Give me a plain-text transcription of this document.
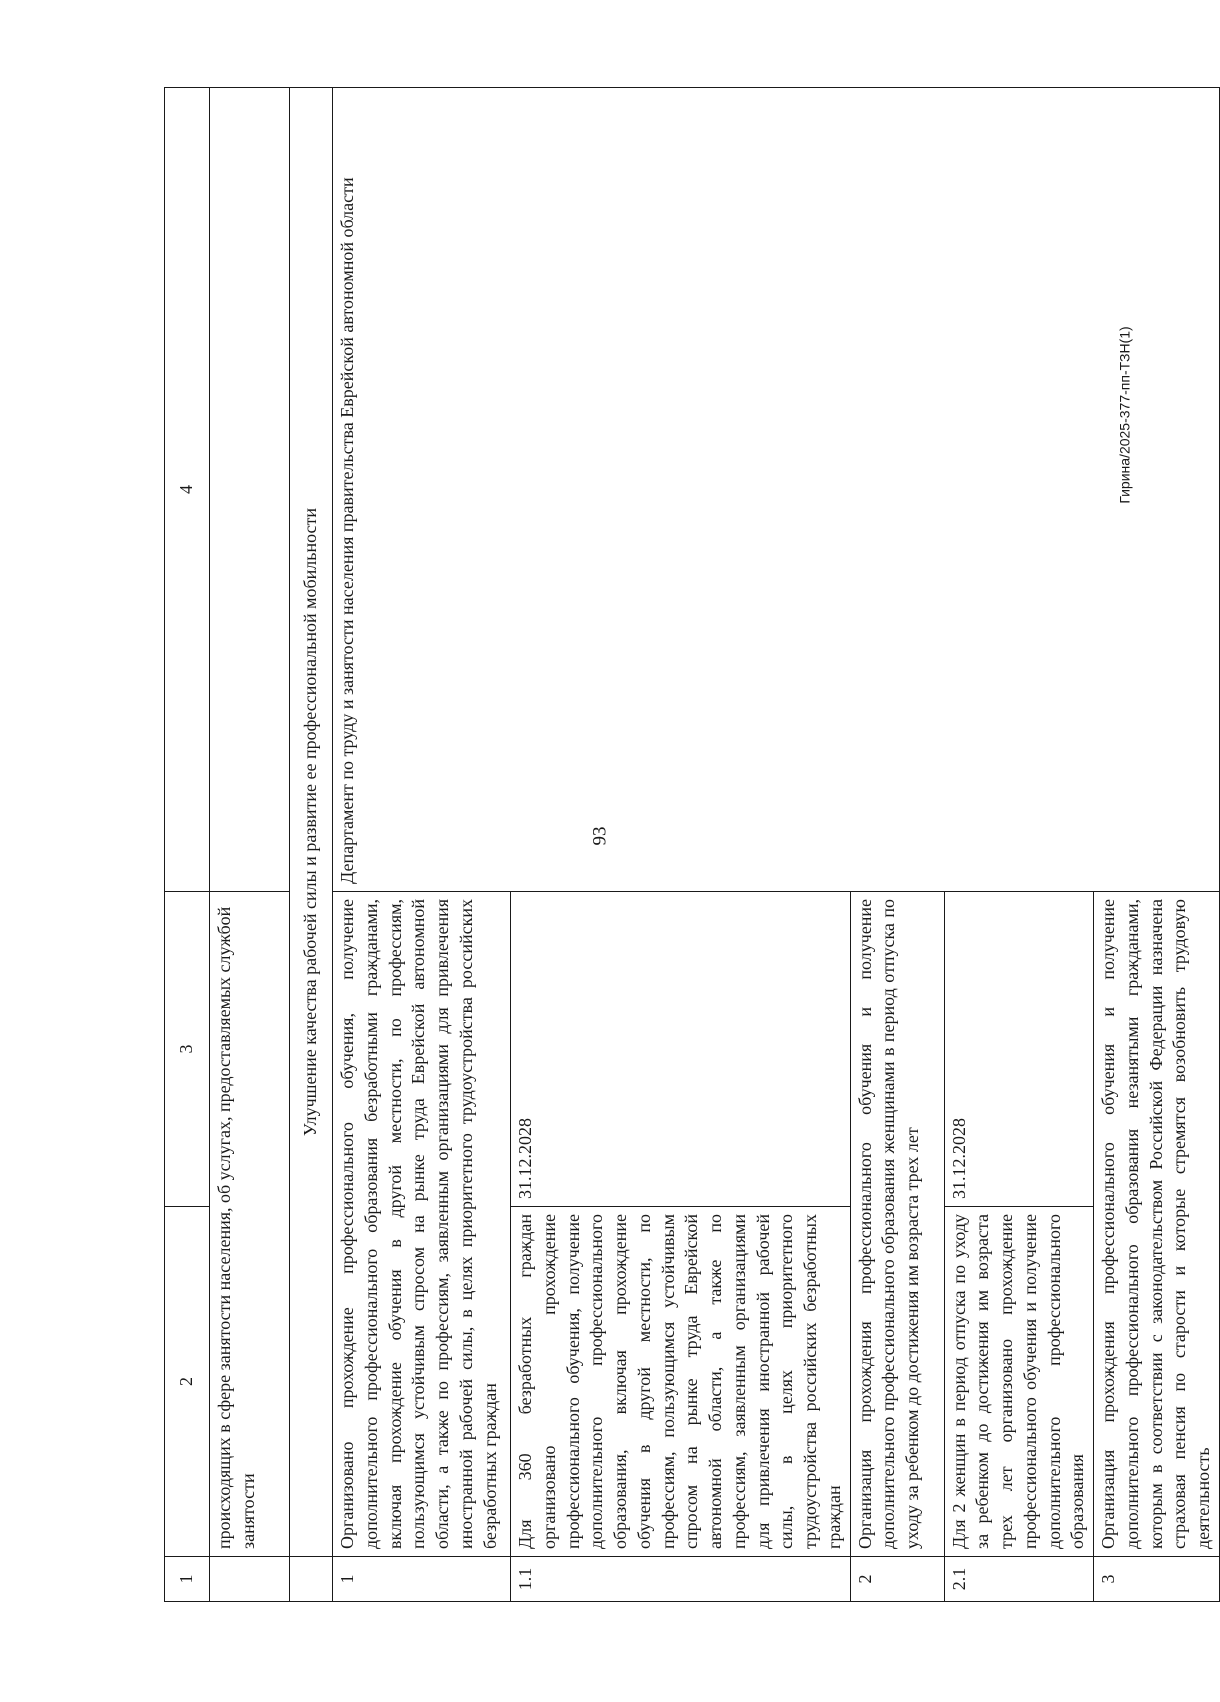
93
Гирина/2025-377-пп-ТЗН(1)
1	2	3	4
	происходящих в сфере занятости населения, об услугах, предоставляемых службой занятости		
	Улучшение качества рабочей силы и развитие ее профессиональной мобильности		
1	Организовано прохождение профессионального обучения, получение дополнительного профессионального образования безработными гражданами, включая прохождение обучения в другой местности, по профессиям, пользующимся устойчивым спросом на рынке труда Еврейской автономной области, а также по профессиям, заявленным организациями для привлечения иностранной рабочей силы, в целях приоритетного трудоустройства российских безработных граждан		Департамент по труду и занятости населения правительства Еврейской автономной области
1.1	Для 360 безработных граждан организовано прохождение профессионального обучения, получение дополнительного профессионального образования, включая прохождение обучения в другой местности, по профессиям, пользующимся устойчивым спросом на рынке труда Еврейской автономной области, а также по профессиям, заявленным организациями для привлечения иностранной рабочей силы, в целях приоритетного трудоустройства российских безработных граждан	31.12.2028	
2	Организация прохождения профессионального обучения и получение дополнительного профессионального образования женщинами в период отпуска по уходу за ребенком до достижения им возраста трех лет		
2.1	Для 2 женщин в период отпуска по уходу за ребенком до достижения им возраста трех лет организовано прохождение профессионального обучения и получение дополнительного профессионального образования	31.12.2028	
3	Организация прохождения профессионального обучения и получение дополнительного профессионального образования незанятыми гражданами, которым в соответствии с законодательством Российской Федерации назначена страховая пенсия по старости и которые стремятся возобновить трудовую деятельность		
